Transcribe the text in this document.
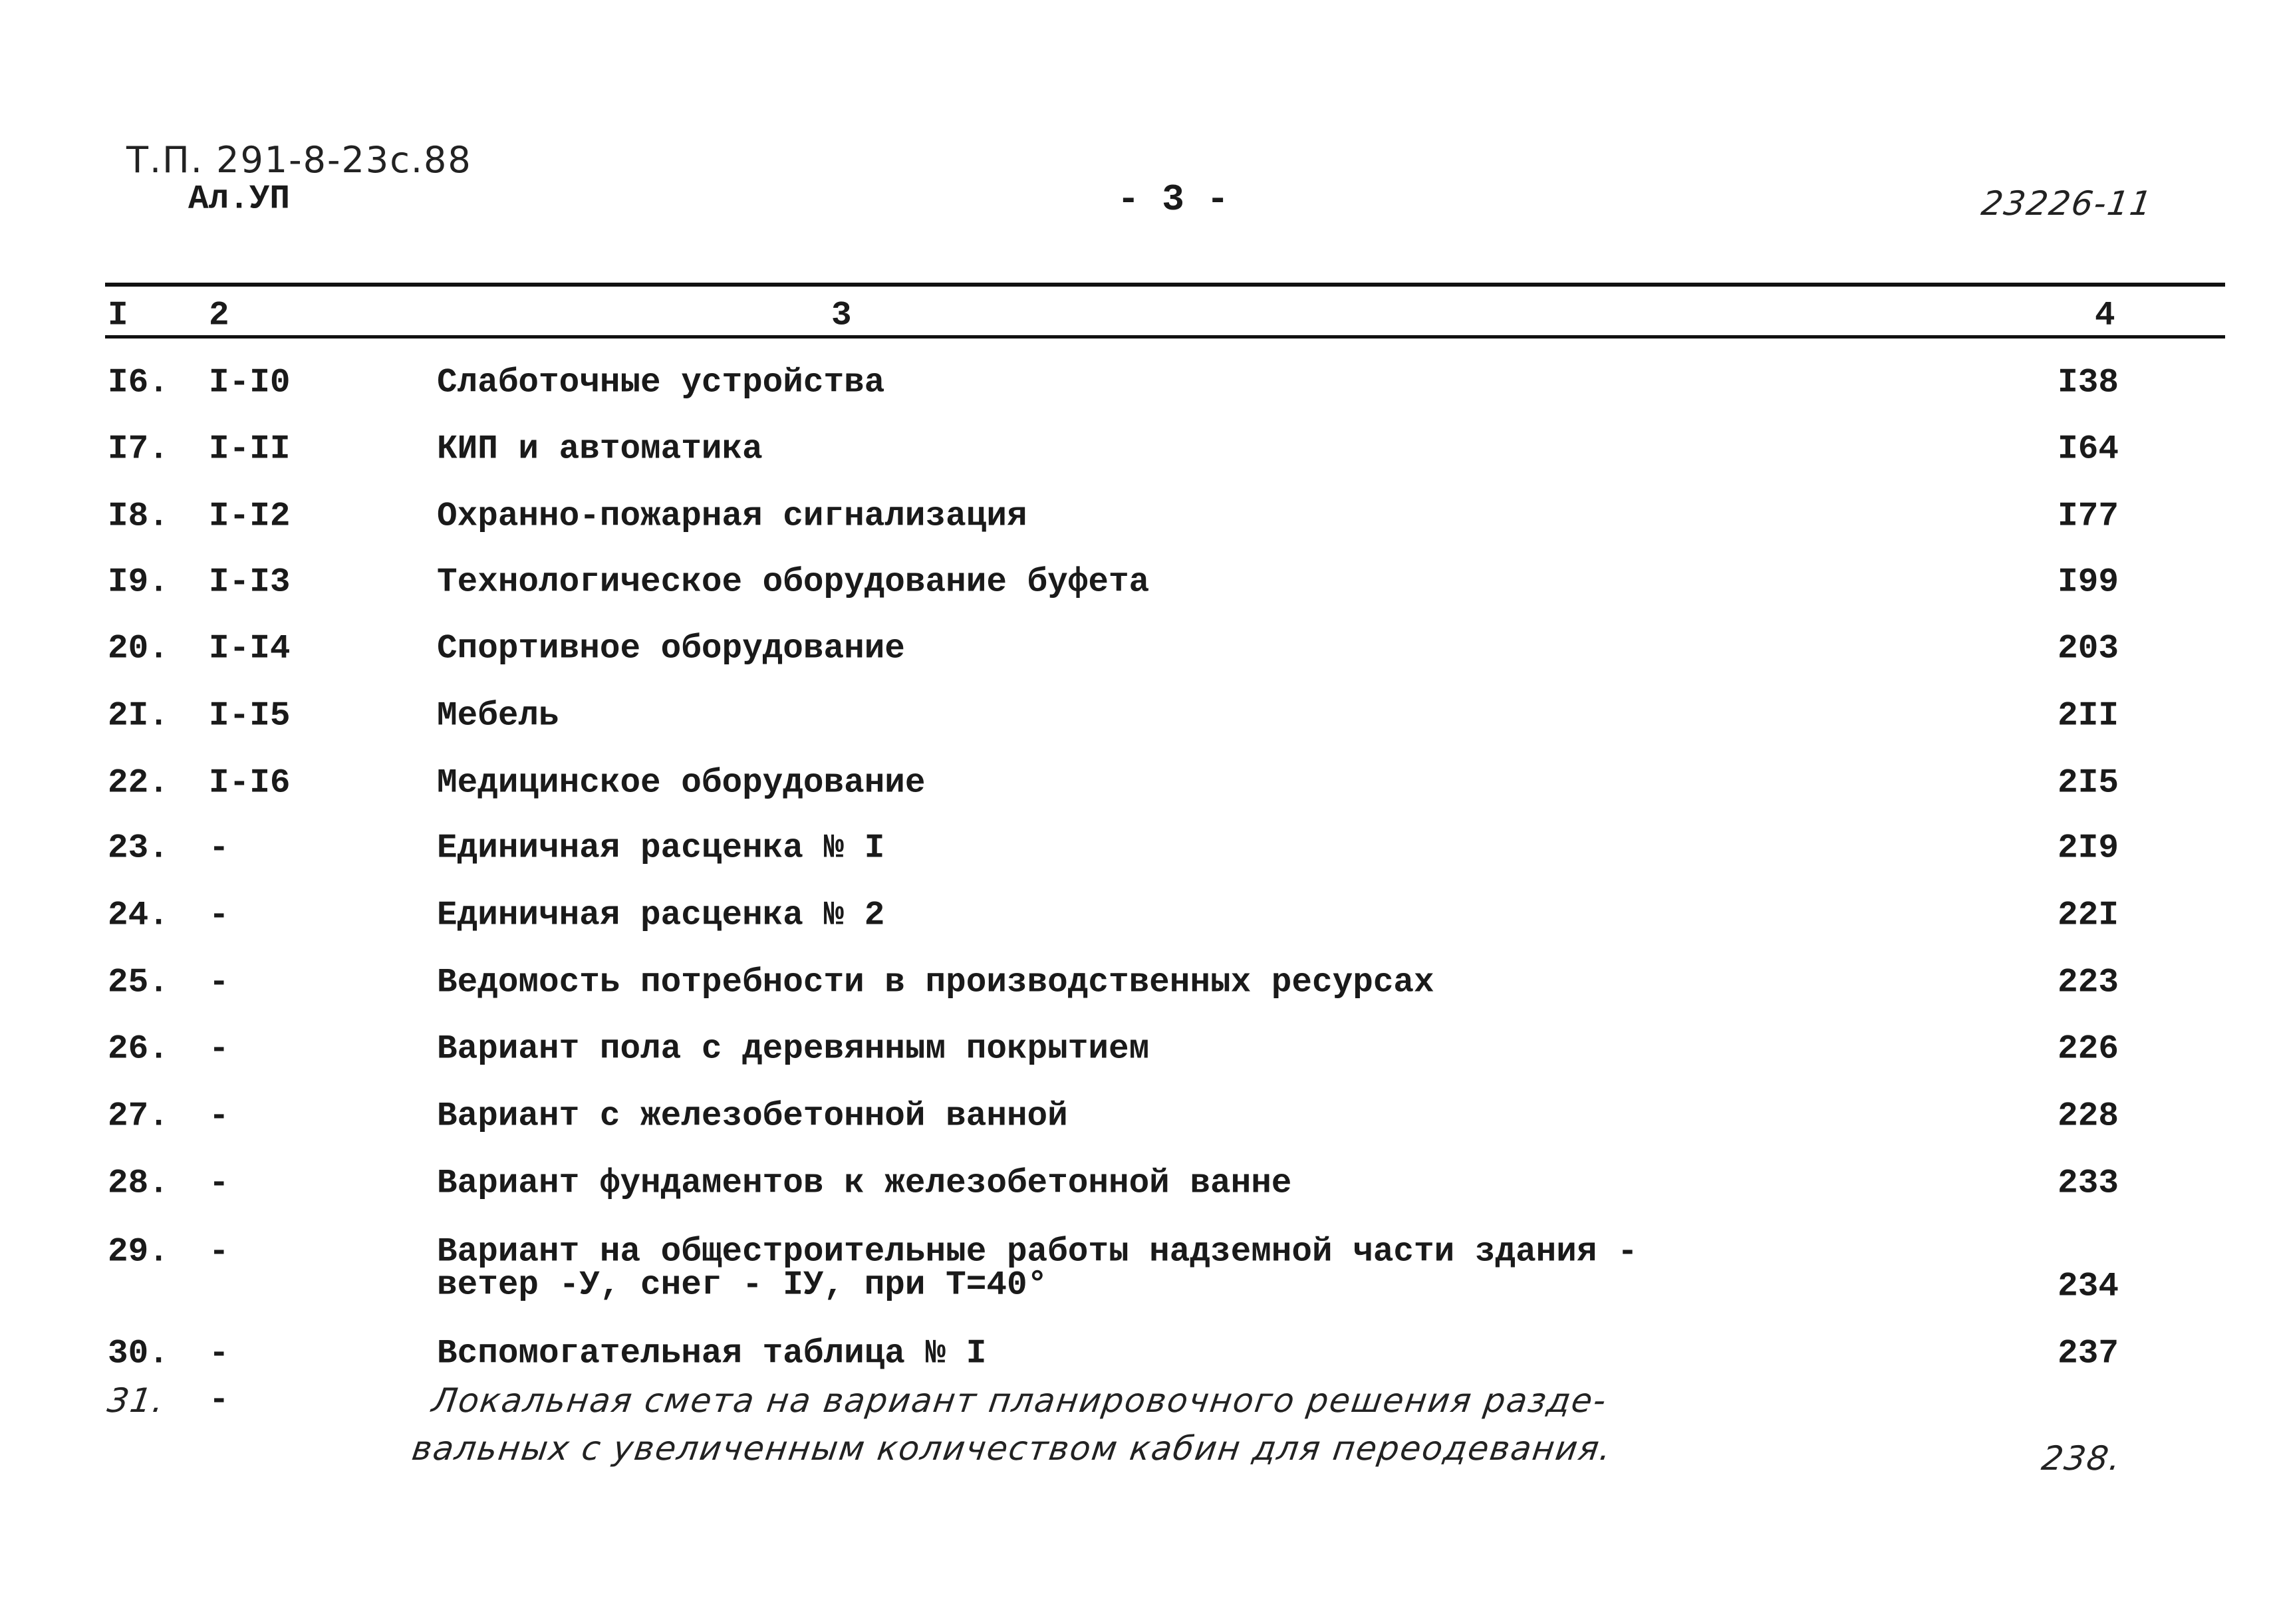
Т.П. 291-8-23с.88
Ал.УП	- 3 -	23226-11
I 2	3	4
I6. I-I0	Слаботочные устройства	I38
I7. I-II	КИП и автоматика	I64
I8. I-I2	Охранно-пожарная сигнализация	I77
I9. I-I3	Технологическое оборудование буфета	I99
20. I-I4	Спортивное оборудование	203
2I. I-I5	Мебель	2II
22. I-I6	Медицинское оборудование	2I5
23. -	Единичная расценка № I	2I9
24. -	Единичная расценка № 2	22I
25. -	Ведомость потребности в производственных ресурсах	223
26. -	Вариант пола с деревянным покрытием	226
27. -	Вариант с железобетонной ванной	228
28. -	Вариант фундаментов к железобетонной ванне	233
29. -	Вариант на общестроительные работы надземной части здания -
ветер -У, снег - IУ, при Т=40°	234
30. -	Вспомогательная таблица № I	237
31. -	Локальная смета на вариант планировочного решения разде-
вальных с увеличенным количеством кабин для переодевания.	238.
